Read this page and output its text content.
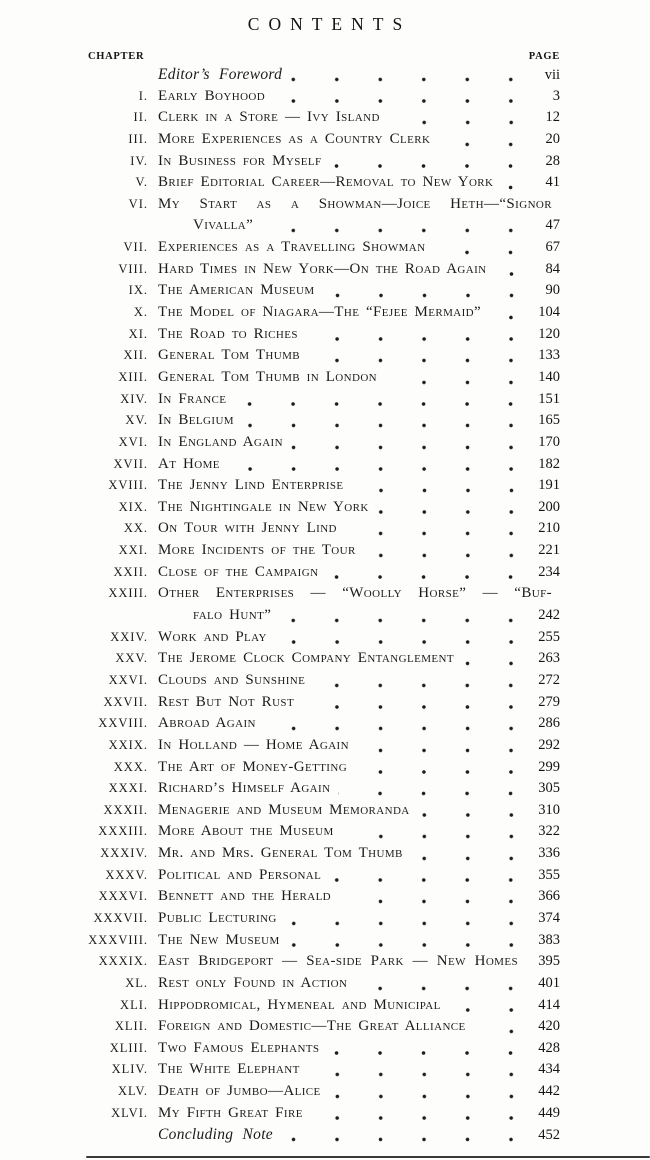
CONTENTS
CHAPTER	PAGE
Editor’s Foreword	vii
I. Early Boyhood	3
II. Clerk in a Store — Ivy Island	12
III. More Experiences as a Country Clerk	20
IV. In Business for Myself	28
V. Brief Editorial Career—Removal to New York	41
VI. My Start as a Showman—Joice Heth—“Signor
Vivalla”	47
VII. Experiences as a Travelling Showman	67
VIII. Hard Times in New York—On the Road Again	84
IX. The American Museum	90
X. The Model of Niagara—The “Fejee Mermaid”	104
XI. The Road to Riches	120
XII. General Tom Thumb	133
XIII. General Tom Thumb in London	140
XIV. In France	151
XV. In Belgium	165
XVI. In England Again	170
XVII. At Home	182
XVIII. The Jenny Lind Enterprise	191
XIX. The Nightingale in New York	200
XX. On Tour with Jenny Lind	210
XXI. More Incidents of the Tour	221
XXII. Close of the Campaign	234
XXIII. Other Enterprises — “Woolly Horse” — “Buf-
falo Hunt”	242
XXIV. Work and Play	255
XXV. The Jerome Clock Company Entanglement	263
XXVI. Clouds and Sunshine	272
XXVII. Rest But Not Rust	279
XXVIII. Abroad Again	286
XXIX. In Holland — Home Again	292
XXX. The Art of Money-Getting	299
XXXI. Richard’s Himself Again	305
XXXII. Menagerie and Museum Memoranda	310
XXXIII. More About the Museum	322
XXXIV. Mr. and Mrs. General Tom Thumb	336
XXXV. Political and Personal	355
XXXVI. Bennett and the Herald	366
XXXVII. Public Lecturing	374
XXXVIII. The New Museum	383
XXXIX. East Bridgeport — Sea-side Park — New Homes	395
XL. Rest only Found in Action	401
XLI. Hippodromical, Hymeneal and Municipal	414
XLII. Foreign and Domestic—The Great Alliance	420
XLIII. Two Famous Elephants	428
XLIV. The White Elephant	434
XLV. Death of Jumbo—Alice	442
XLVI. My Fifth Great Fire	449
Concluding Note	452
